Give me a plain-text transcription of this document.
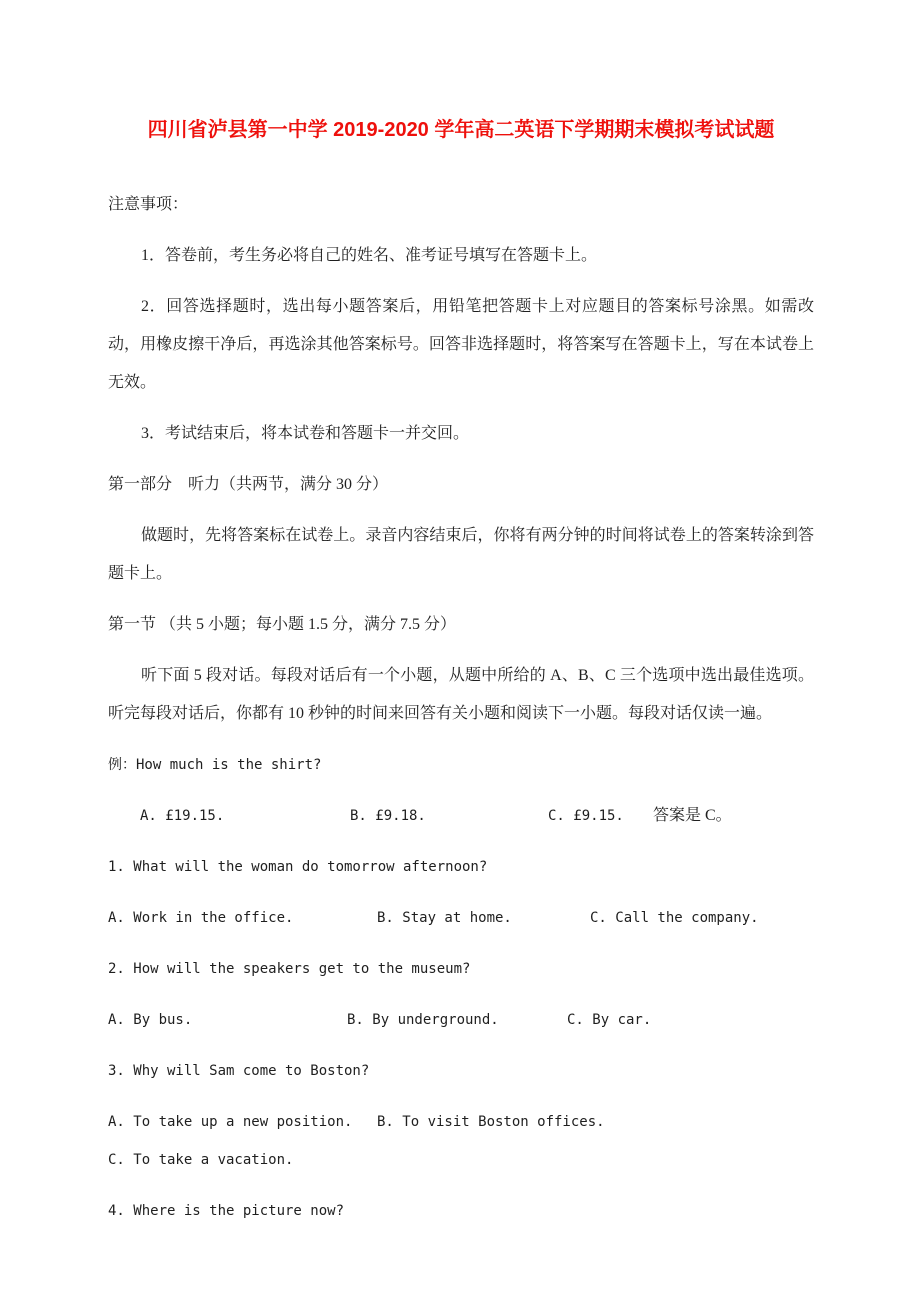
四川省泸县第一中学 2019-2020 学年高二英语下学期期末模拟考试试题

注意事项：

1．答卷前，考生务必将自己的姓名、准考证号填写在答题卡上。

2．回答选择题时，选出每小题答案后，用铅笔把答题卡上对应题目的答案标号涂黑。如需改动，用橡皮擦干净后，再选涂其他答案标号。回答非选择题时，将答案写在答题卡上，写在本试卷上无效。

3．考试结束后，将本试卷和答题卡一并交回。

第一部分　听力（共两节，满分 30 分）

做题时，先将答案标在试卷上。录音内容结束后，你将有两分钟的时间将试卷上的答案转涂到答题卡上。

第一节 （共 5 小题；每小题 1.5 分，满分 7.5 分）

听下面 5 段对话。每段对话后有一个小题，从题中所给的 A、B、C 三个选项中选出最佳选项。听完每段对话后，你都有 10 秒钟的时间来回答有关小题和阅读下一小题。每段对话仅读一遍。

例：How much is the shirt?

A. £19.15.	B. £9.18.	C. £9.15. 答案是 C。

1. What will the woman do tomorrow afternoon?

A. Work in the office.	B. Stay at home.	C. Call the company.

2. How will the speakers get to the museum?

A. By bus.	B. By underground.	C. By car.

3. Why will Sam come to Boston?

A. To take up a new position. B. To visit Boston offices.C. To take a vacation.

4. Where is the picture now?
